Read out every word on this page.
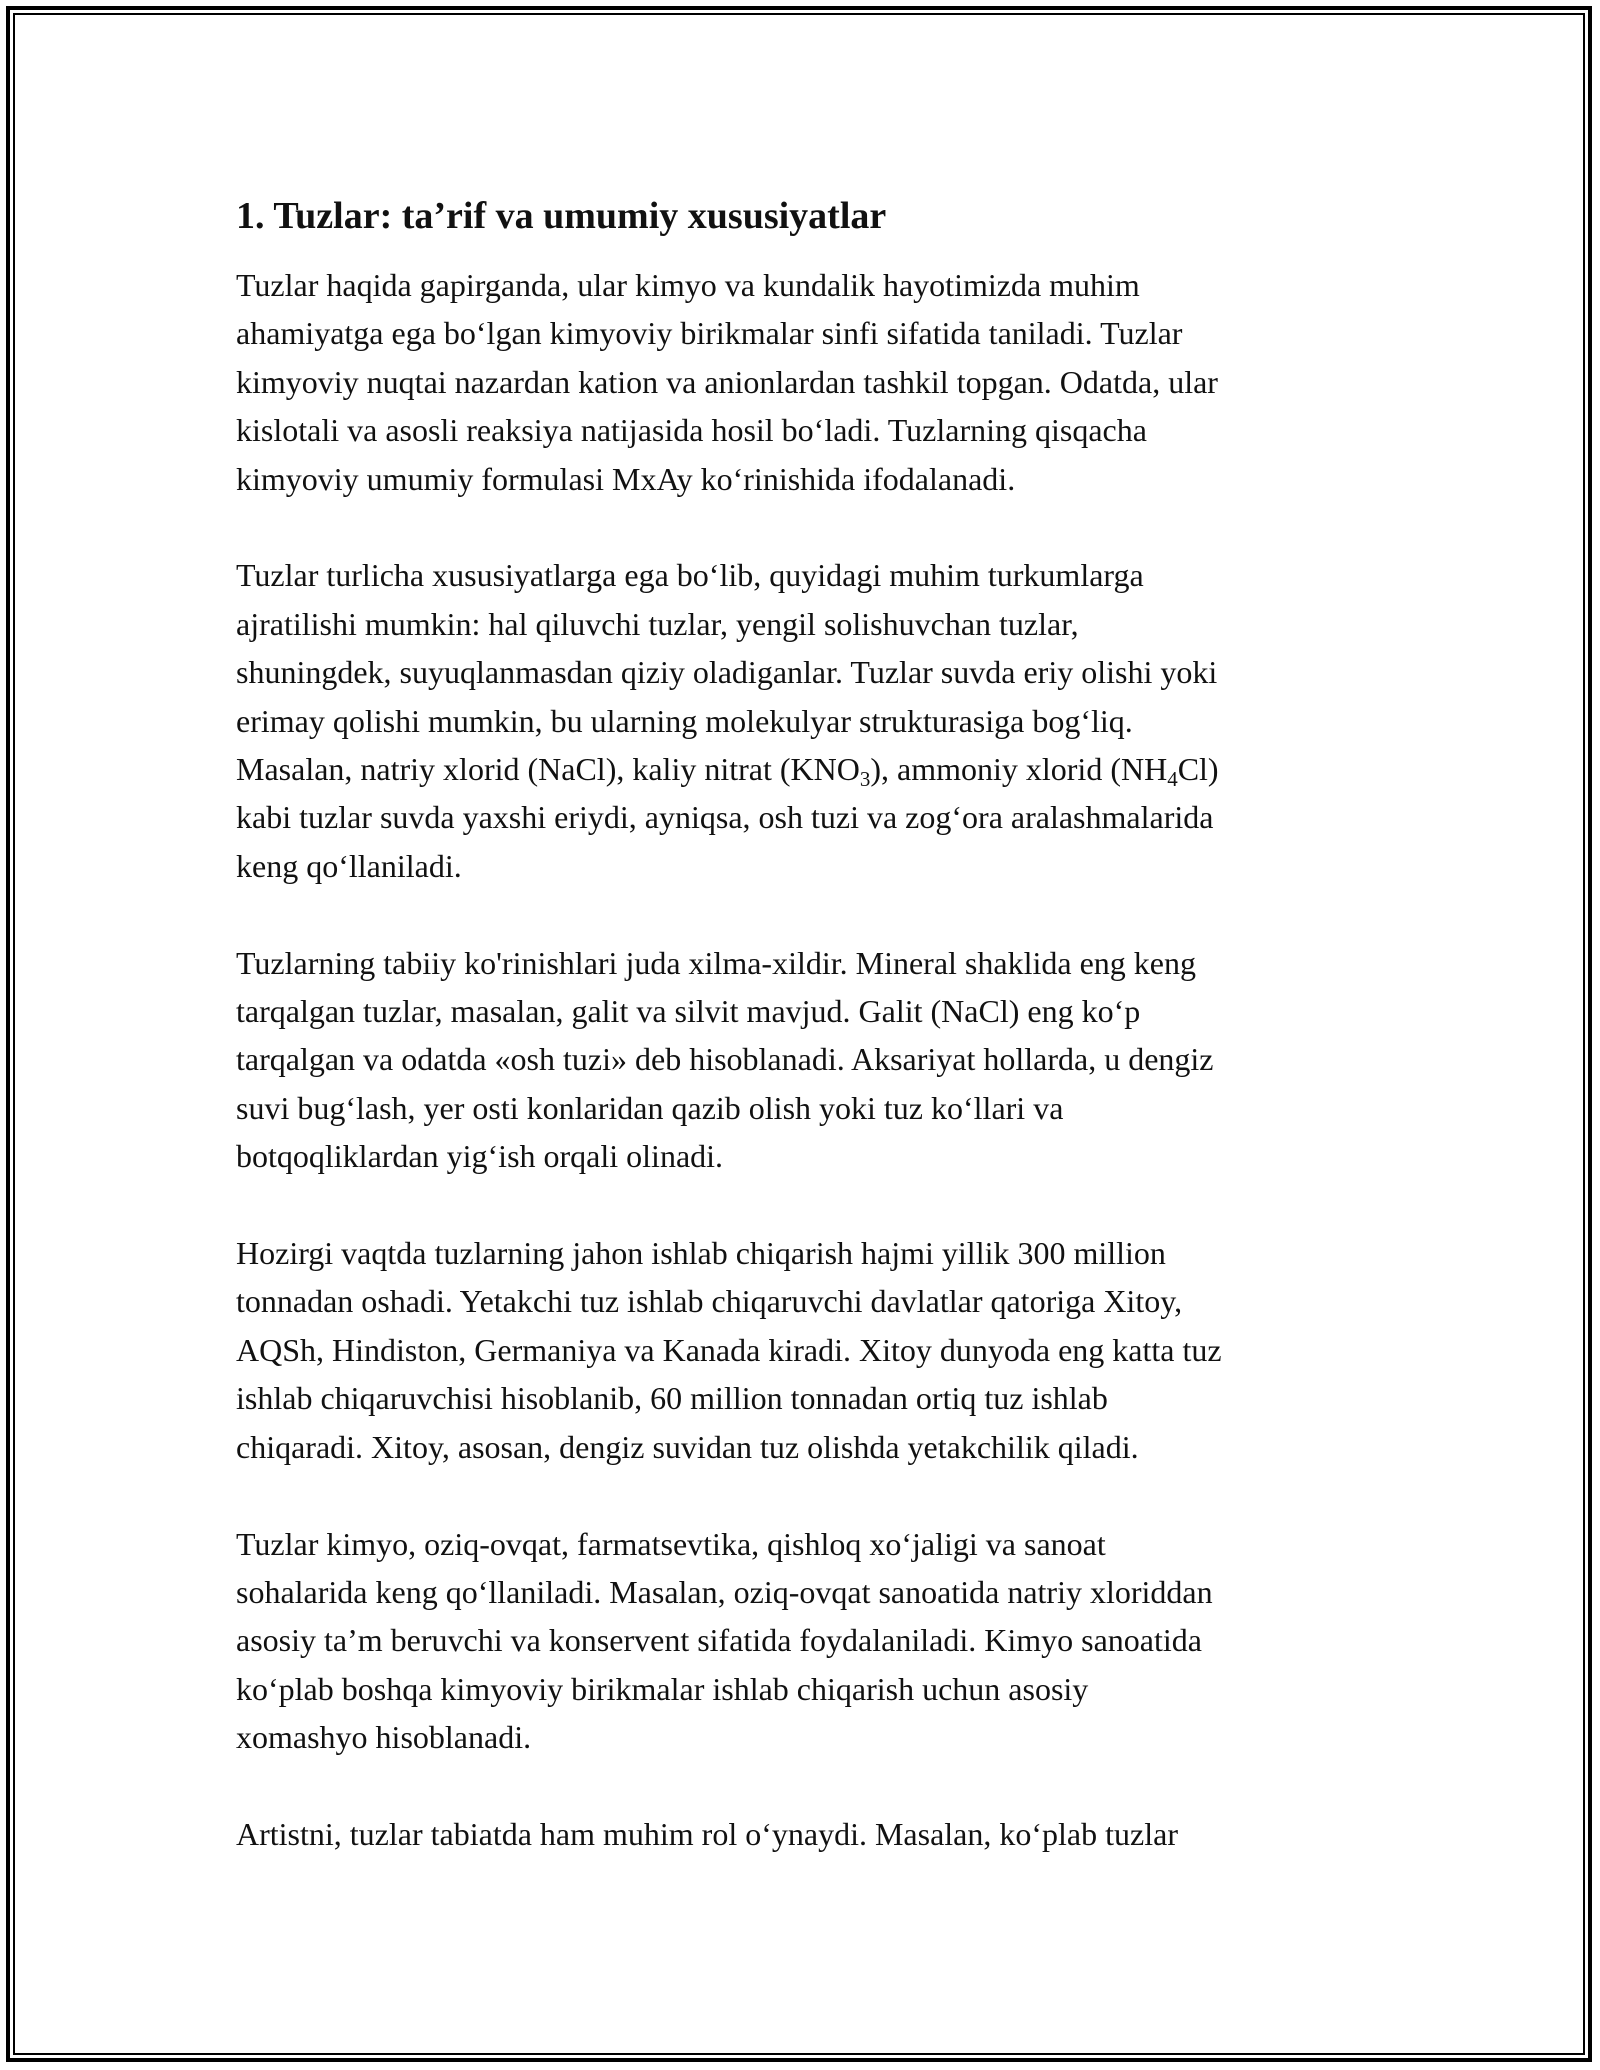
1. Tuzlar: ta’rif va umumiy xususiyatlar

Tuzlar haqida gapirganda, ular kimyo va kundalik hayotimizda muhim
ahamiyatga ega bo‘lgan kimyoviy birikmalar sinfi sifatida taniladi. Tuzlar
kimyoviy nuqtai nazardan kation va anionlardan tashkil topgan. Odatda, ular
kislotali va asosli reaksiya natijasida hosil bo‘ladi. Tuzlarning qisqacha
kimyoviy umumiy formulasi MxAy ko‘rinishida ifodalanadi.

Tuzlar turlicha xususiyatlarga ega bo‘lib, quyidagi muhim turkumlarga
ajratilishi mumkin: hal qiluvchi tuzlar, yengil solishuvchan tuzlar,
shuningdek, suyuqlanmasdan qiziy oladiganlar. Tuzlar suvda eriy olishi yoki
erimay qolishi mumkin, bu ularning molekulyar strukturasiga bog‘liq.
Masalan, natriy xlorid (NaCl), kaliy nitrat $(KNO_3)$, ammoniy xlorid $(NH_4Cl)$
kabi tuzlar suvda yaxshi eriydi, ayniqsa, osh tuzi va zog‘ora aralashmalarida
keng qo‘llaniladi.

Tuzlarning tabiiy ko'rinishlari juda xilma-xildir. Mineral shaklida eng keng
tarqalgan tuzlar, masalan, galit va silvit mavjud. Galit (NaCl) eng ko‘p
tarqalgan va odatda «osh tuzi» deb hisoblanadi. Aksariyat hollarda, u dengiz
suvi bug‘lash, yer osti konlaridan qazib olish yoki tuz ko‘llari va
botqoqliklardan yig‘ish orqali olinadi.

Hozirgi vaqtda tuzlarning jahon ishlab chiqarish hajmi yillik 300 million
tonnadan oshadi. Yetakchi tuz ishlab chiqaruvchi davlatlar qatoriga Xitoy,
AQSh, Hindiston, Germaniya va Kanada kiradi. Xitoy dunyoda eng katta tuz
ishlab chiqaruvchisi hisoblanib, 60 million tonnadan ortiq tuz ishlab
chiqaradi. Xitoy, asosan, dengiz suvidan tuz olishda yetakchilik qiladi.

Tuzlar kimyo, oziq-ovqat, farmatsevtika, qishloq xo‘jaligi va sanoat
sohalarida keng qo‘llaniladi. Masalan, oziq-ovqat sanoatida natriy xloriddan
asosiy ta’m beruvchi va konservent sifatida foydalaniladi. Kimyo sanoatida
ko‘plab boshqa kimyoviy birikmalar ishlab chiqarish uchun asosiy
xomashyo hisoblanadi.

Artistni, tuzlar tabiatda ham muhim rol o‘ynaydi. Masalan, ko‘plab tuzlar
